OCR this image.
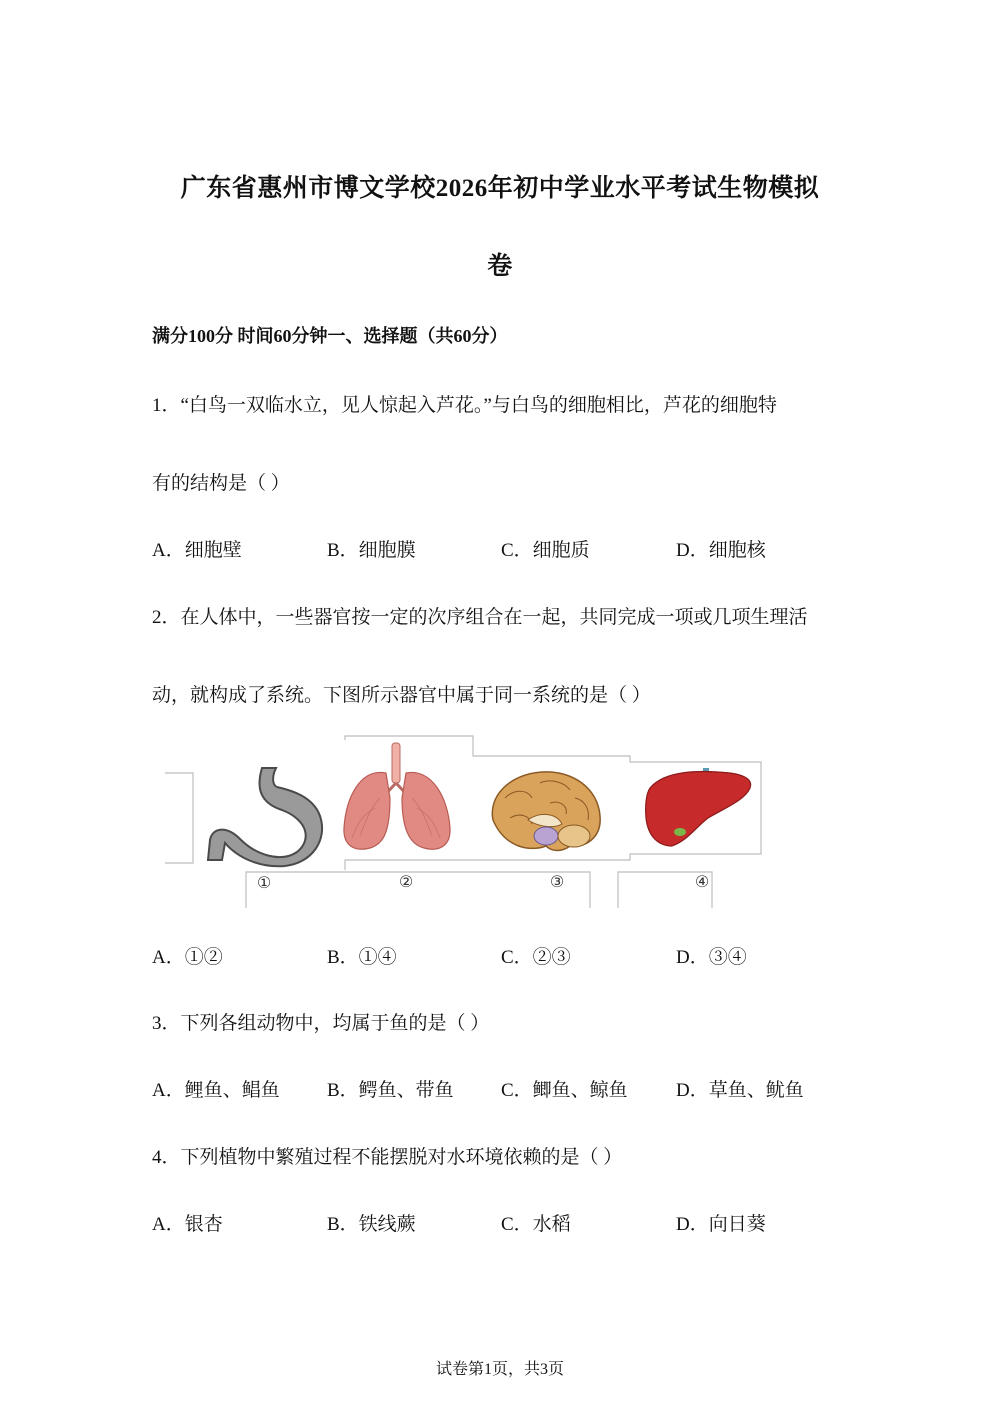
广东省惠州市博文学校2026年初中学业水平考试生物模拟
卷
满分100分 时间60分钟一、选择题（共60分）
1．“白鸟一双临水立，见人惊起入芦花。”与白鸟的细胞相比，芦花的细胞特
有的结构是（ ）
A．细胞壁	B．细胞膜	C．细胞质	D．细胞核
2．在人体中，一些器官按一定的次序组合在一起，共同完成一项或几项生理活
动，就构成了系统。下图所示器官中属于同一系统的是（ ）
①	②	③	④
A．①②	B．①④	C．②③	D．③④
3．下列各组动物中，均属于鱼的是（ ）
A．鲤鱼、鲳鱼 B．鳄鱼、带鱼 C．鲫鱼、鲸鱼	D．草鱼、鱿鱼
4．下列植物中繁殖过程不能摆脱对水环境依赖的是（ ）
A．银杏	B．铁线蕨	C．水稻	D．向日葵
试卷第1页，共3页
